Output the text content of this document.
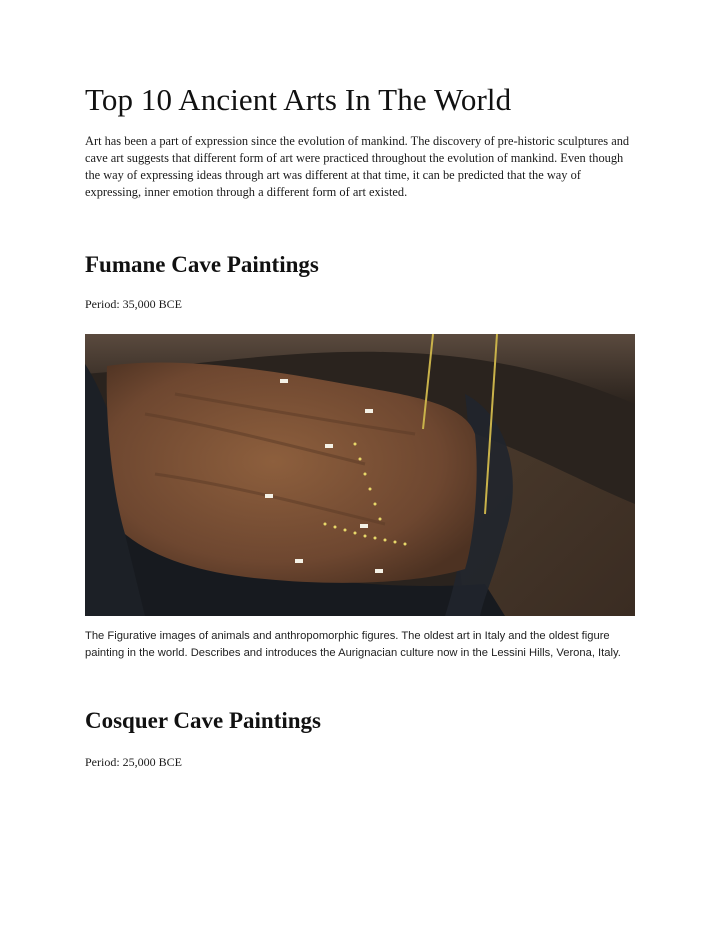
Top 10 Ancient Arts In The World

Art has been a part of expression since the evolution of mankind. The discovery of pre-historic sculptures and cave art suggests that different form of art were practiced throughout the evolution of mankind. Even though the way of expressing ideas through art was different at that time, it can be predicted that the way of expressing, inner emotion through a different form of art existed.

Fumane Cave Paintings

Period: 35,000 BCE

The Figurative images of animals and anthropomorphic figures. The oldest art in Italy and the oldest figure painting in the world. Describes and introduces the Aurignacian culture now in the Lessini Hills, Verona, Italy.

Cosquer Cave Paintings

Period: 25,000 BCE
